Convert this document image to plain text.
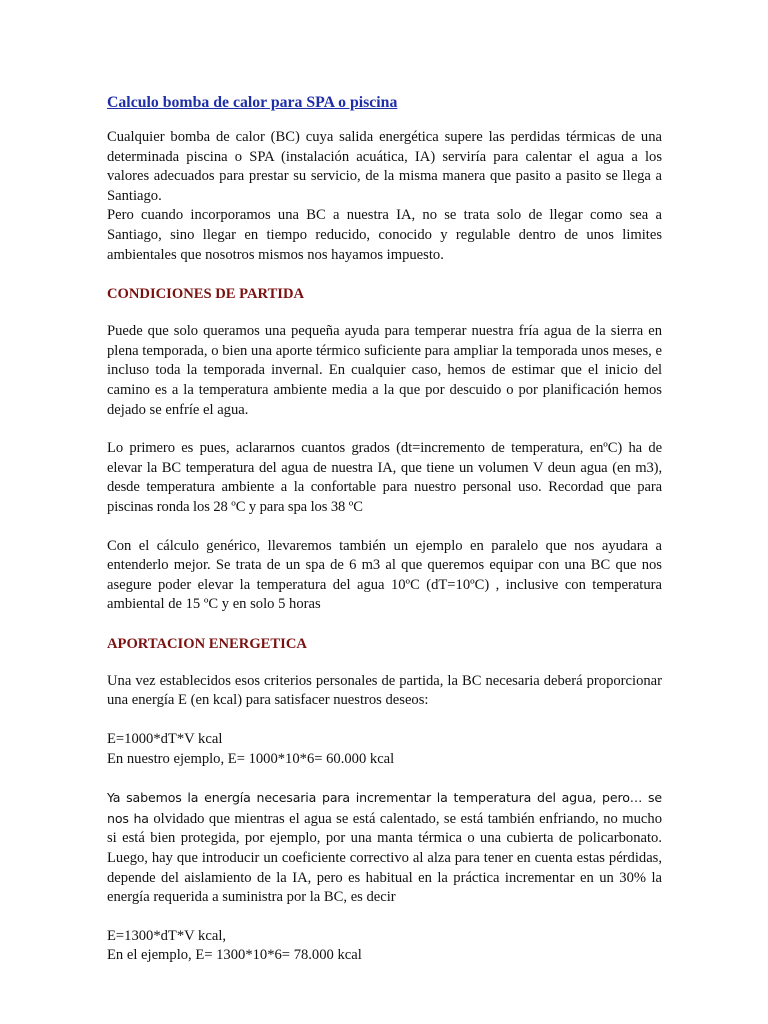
Calculo bomba de calor para SPA o piscina

Cualquier bomba de calor (BC) cuya salida energética supere las perdidas térmicas de una determinada piscina o SPA (instalación acuática, IA) serviría para calentar el agua a los valores adecuados para prestar su servicio, de la misma manera que pasito a pasito se llega a Santiago.

Pero cuando incorporamos una BC a nuestra IA, no se trata solo de llegar como sea a Santiago, sino llegar en tiempo reducido, conocido y regulable dentro de unos limites ambientales que nosotros mismos nos hayamos impuesto.

CONDICIONES DE PARTIDA

Puede que solo queramos una pequeña ayuda para temperar nuestra fría agua de la sierra en plena temporada, o bien una aporte térmico suficiente para ampliar la temporada unos meses, e incluso toda la temporada invernal. En cualquier caso, hemos de estimar que el inicio del camino es a la temperatura ambiente media a la que por descuido o por planificación hemos dejado se enfríe el agua.

Lo primero es pues, aclararnos cuantos grados (dt=incremento de temperatura, enºC) ha de elevar la BC temperatura del agua de nuestra IA, que tiene un volumen V deun agua (en m3), desde temperatura ambiente a la confortable para nuestro personal uso. Recordad que para piscinas ronda los 28 ºC y para spa los 38 ºC

Con el cálculo genérico, llevaremos también un ejemplo en paralelo que nos ayudara a entenderlo mejor. Se trata de un spa de 6 m3 al que queremos equipar con una BC que nos asegure poder elevar la temperatura del agua 10ºC (dT=10ºC) , inclusive con temperatura ambiental de 15 ºC y en solo 5 horas

APORTACION ENERGETICA

Una vez establecidos esos criterios personales de partida, la BC necesaria deberá proporcionar una energía E (en kcal) para satisfacer nuestros deseos:

E=1000*dT*V kcal
En nuestro ejemplo, E= 1000*10*6= 60.000 kcal

Ya sabemos la energía necesaria para incrementar la temperatura del agua, pero… se nos ha olvidado que mientras el agua se está calentado, se está también enfriando, no mucho si está bien protegida, por ejemplo, por una manta térmica o una cubierta de policarbonato. Luego, hay que introducir un coeficiente correctivo al alza para tener en cuenta estas pérdidas, depende del aislamiento de la IA, pero es habitual en la práctica incrementar en un 30% la energía requerida a suministra por la BC, es decir

E=1300*dT*V kcal,
En el ejemplo, E= 1300*10*6= 78.000 kcal
